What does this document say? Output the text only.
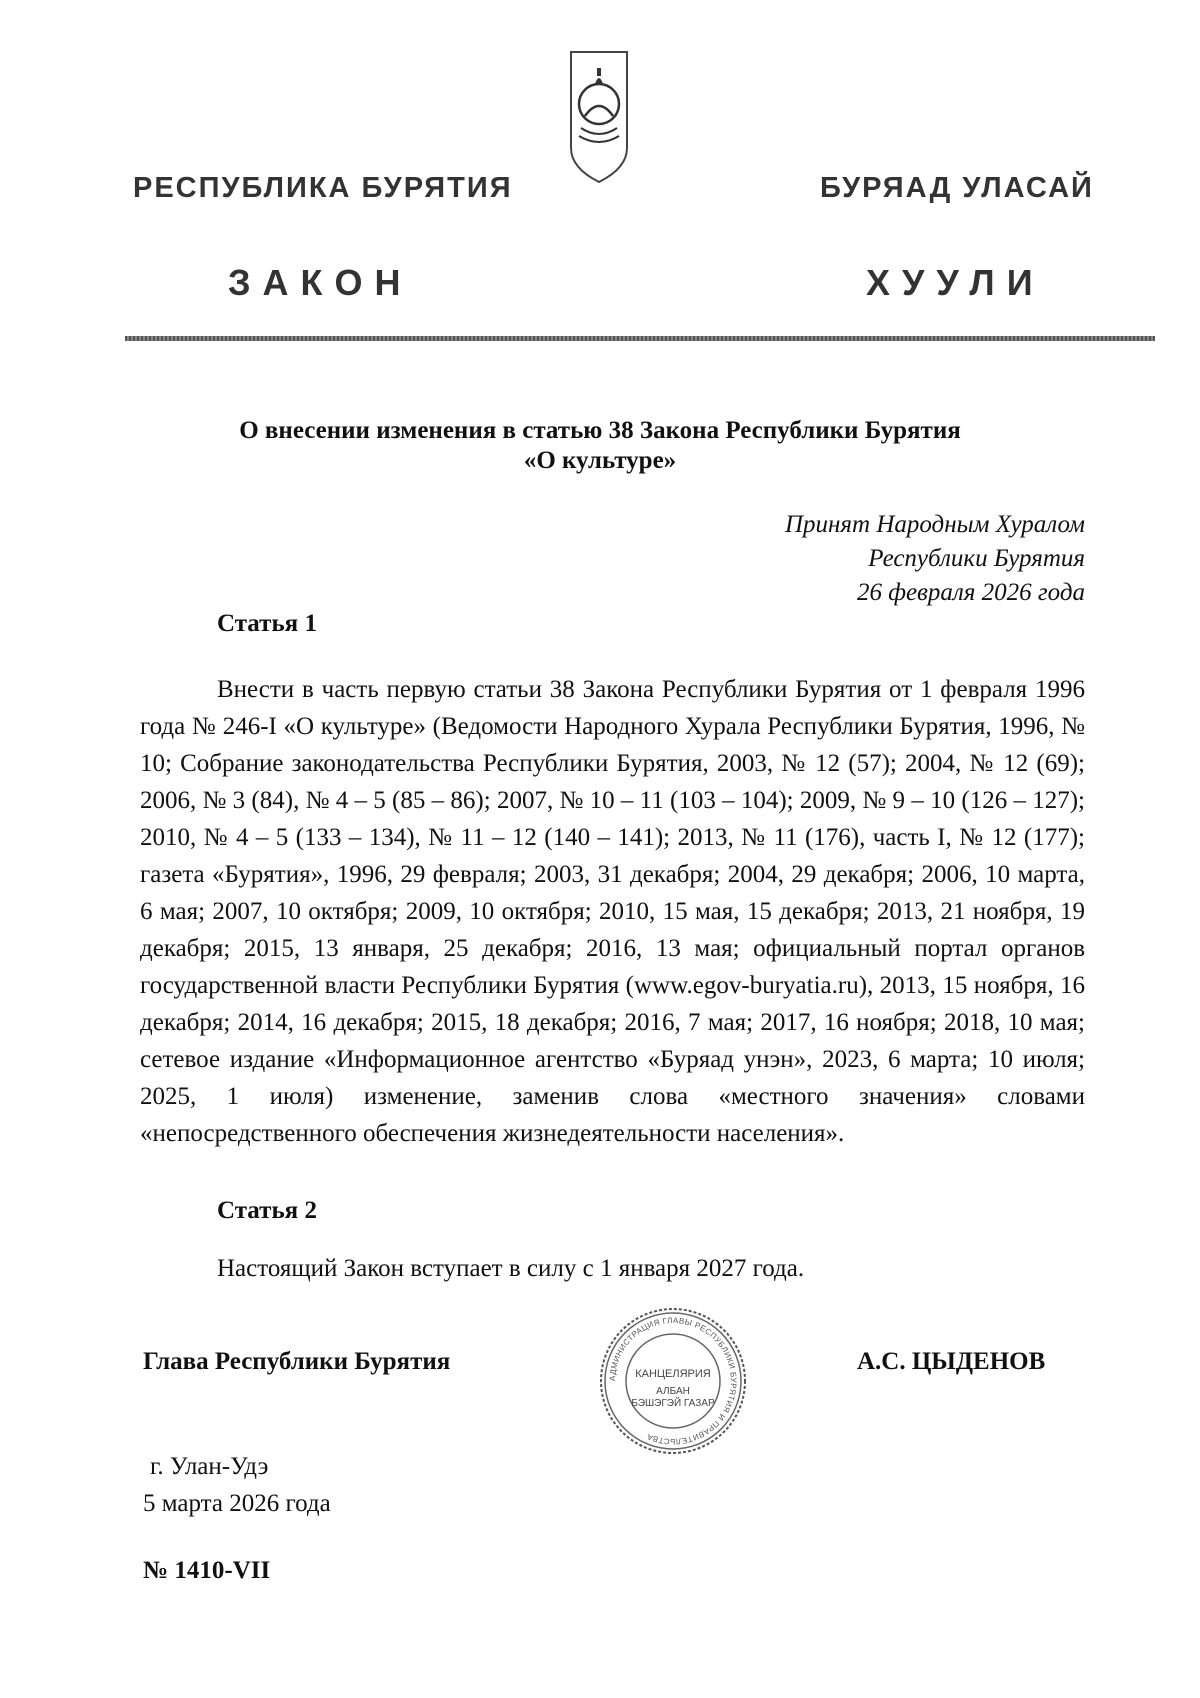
РЕСПУБЛИКА БУРЯТИЯ	БУРЯАД УЛАСАЙ
ЗАКОН	ХУУЛИ
О внесении изменения в статью 38 Закона Республики Бурятия
«О культуре»
Принят Народным Хуралом
Республики Бурятия
26 февраля 2026 года
Статья 1
Внести в часть первую статьи 38 Закона Республики Бурятия от 1 февраля 1996 года № 246-I «О культуре» (Ведомости Народного Хурала Республики Бурятия, 1996, № 10; Собрание законодательства Республики Бурятия, 2003, № 12 (57); 2004, № 12 (69); 2006, № 3 (84), № 4 – 5 (85 – 86); 2007, № 10 – 11 (103 – 104); 2009, № 9 – 10 (126 – 127); 2010, № 4 – 5 (133 – 134), № 11 – 12 (140 – 141); 2013, № 11 (176), часть I, № 12 (177); газета «Бурятия», 1996, 29 февраля; 2003, 31 декабря; 2004, 29 декабря; 2006, 10 марта, 6 мая; 2007, 10 октября; 2009, 10 октября; 2010, 15 мая, 15 декабря; 2013, 21 ноября, 19 декабря; 2015, 13 января, 25 декабря; 2016, 13 мая; официальный портал органов государственной власти Республики Бурятия (www.egov-buryatia.ru), 2013, 15 ноября, 16 декабря; 2014, 16 декабря; 2015, 18 декабря; 2016, 7 мая; 2017, 16 ноября; 2018, 10 мая; сетевое издание «Информационное агентство «Буряад унэн», 2023, 6 марта; 10 июля; 2025, 1 июля) изменение, заменив слова «местного значения» словами «непосредственного обеспечения жизнедеятельности населения».
Статья 2
Настоящий Закон вступает в силу с 1 января 2027 года.
Глава Республики Бурятия	А.С. ЦЫДЕНОВ
АДМИНИСТРАЦИЯ ГЛАВЫ РЕСПУБЛИКИ БУРЯТИЯ И ПРАВИТЕЛЬСТВА
КАНЦЕЛЯРИЯ
АЛБАН
БЭШЭГЭЙ ГАЗАР
г. Улан-Удэ
5 марта 2026 года
№ 1410-VII
